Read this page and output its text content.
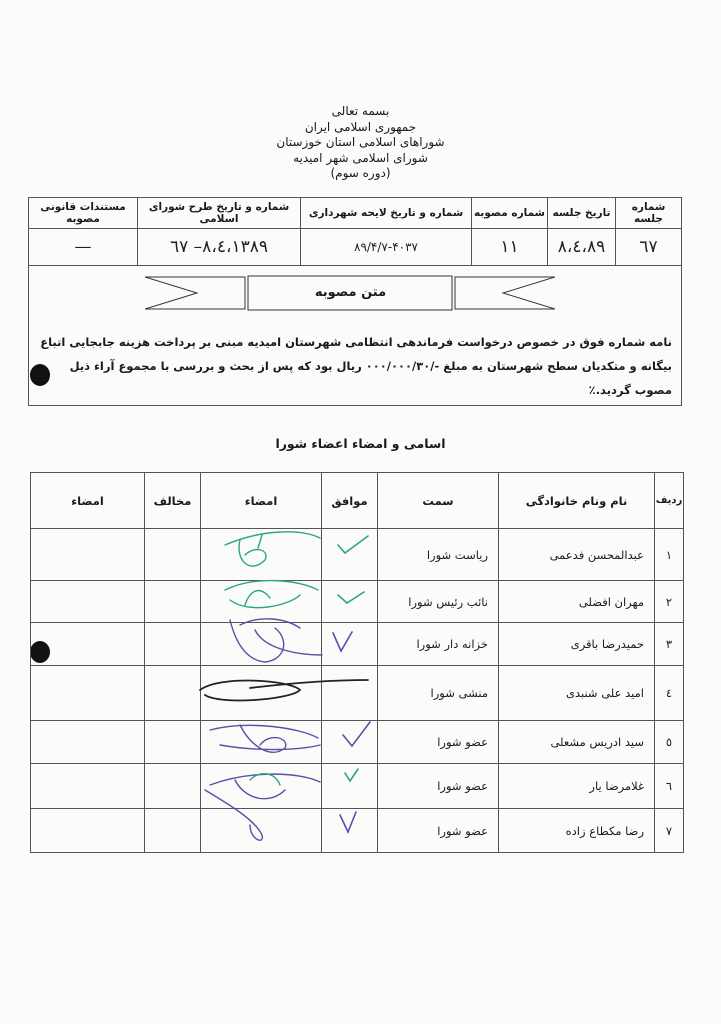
بسمه تعالی
جمهوری اسلامی ایران
شوراهای اسلامی استان خوزستان
شورای اسلامی شهر امیدیه
(دوره سوم)
شماره جلسه	تاریخ جلسه	شماره مصوبه	شماره و تاریخ لایحه شهرداری	شماره و تاریخ طرح شورای اسلامی	مستندات قانونی مصوبه
٦٧	۸۹،٤،۸	۱۱	۸۹/۴/۷-۴۰۳۷	۱۳۸۹،٤،۸– ٦٧	—
متن مصوبه
نامه شماره فوق در خصوص درخواست فرماندهی انتظامی شهرستان امیدیه مبنی بر پرداخت هزینه جابجایی اتباع بیگانه و متکدیان سطح شهرستان به مبلغ -/۰۰۰/۰۰۰/۳۰ ریال بود که پس از بحث و بررسی با مجموع آراء ذیل مصوب گردید.٪
اسامی و امضاء اعضاء شورا
ردیف	نام ونام خانوادگی	سمت	موافق	امضاء	مخالف	امضاء
۱	عبدالمحسن فدعمی	ریاست شورا				
۲	مهران افضلی	نائب رئیس شورا				
۳	حمیدرضا باقری	خزانه دار شورا				
٤	امید علی شنبدی	منشی شورا				
٥	سید ادریس مشعلی	عضو شورا				
٦	غلامرضا یار	عضو شورا				
۷	رضا مکطاع زاده	عضو شورا				
